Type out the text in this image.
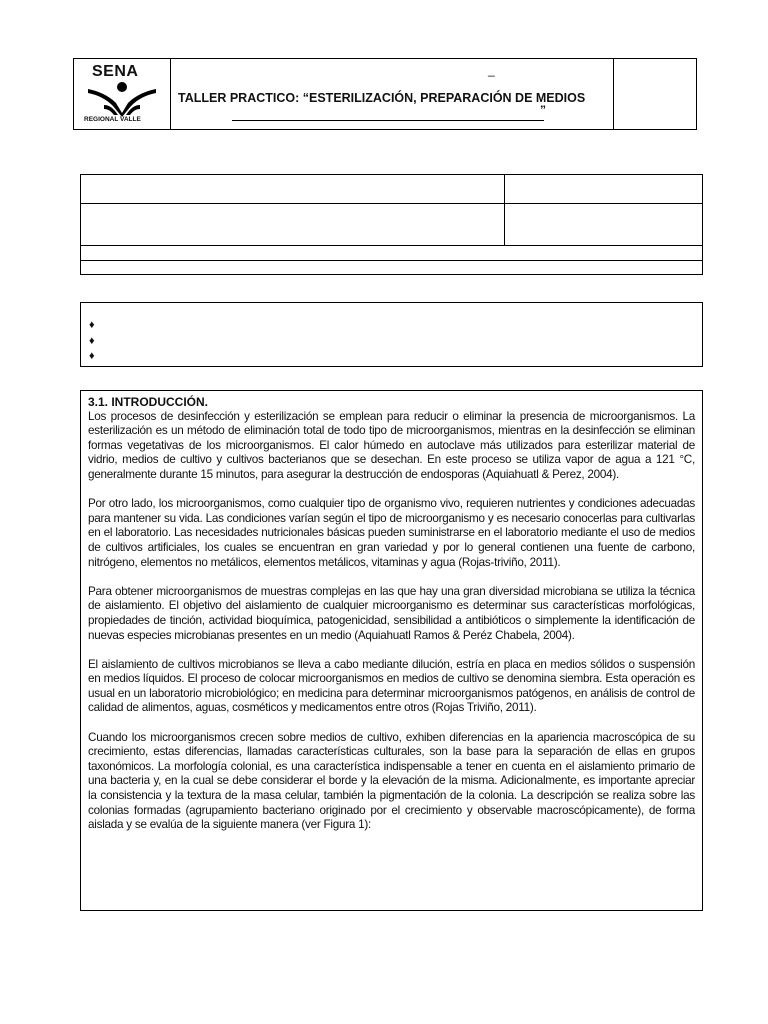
SENA
REGIONAL VALLE
_
TALLER PRACTICO: “ESTERILIZACIÓN, PREPARACIÓN DE MEDIOS
”
♦
♦
♦
3.1. INTRODUCCIÓN.

Los procesos de desinfección y esterilización se emplean para reducir o eliminar la presencia de microorganismos. La esterilización es un método de eliminación total de todo tipo de microorganismos, mientras en la desinfección se eliminan formas vegetativas de los microorganismos. El calor húmedo en autoclave más utilizados para esterilizar material de vidrio, medios de cultivo y cultivos bacterianos que se desechan. En este proceso se utiliza vapor de agua a 121 °C, generalmente durante 15 minutos, para asegurar la destrucción de endosporas (Aquiahuatl & Perez, 2004).

Por otro lado, los microorganismos, como cualquier tipo de organismo vivo, requieren nutrientes y condiciones adecuadas para mantener su vida. Las condiciones varían según el tipo de microorganismo y es necesario conocerlas para cultivarlas en el laboratorio. Las necesidades nutricionales básicas pueden suministrarse en el laboratorio mediante el uso de medios de cultivos artificiales, los cuales se encuentran en gran variedad y por lo general contienen una fuente de carbono, nitrógeno, elementos no metálicos, elementos metálicos, vitaminas y agua (Rojas-triviño, 2011).

Para obtener microorganismos de muestras complejas en las que hay una gran diversidad microbiana se utiliza la técnica de aislamiento. El objetivo del aislamiento de cualquier microorganismo es determinar sus características morfológicas, propiedades de tinción, actividad bioquímica, patogenicidad, sensibilidad a antibióticos o simplemente la identificación de nuevas especies microbianas presentes en un medio (Aquiahuatl Ramos & Peréz Chabela, 2004).

El aislamiento de cultivos microbianos se lleva a cabo mediante dilución, estría en placa en medios sólidos o suspensión en medios líquidos. El proceso de colocar microorganismos en medios de cultivo se denomina siembra. Esta operación es usual en un laboratorio microbiológico; en medicina para determinar microorganismos patógenos, en análisis de control de calidad de alimentos, aguas, cosméticos y medicamentos entre otros (Rojas Triviño, 2011).

Cuando los microorganismos crecen sobre medios de cultivo, exhiben diferencias en la apariencia macroscópica de su crecimiento, estas diferencias, llamadas características culturales, son la base para la separación de ellas en grupos taxonómicos. La morfología colonial, es una característica indispensable a tener en cuenta en el aislamiento primario de una bacteria y, en la cual se debe considerar el borde y la elevación de la misma. Adicionalmente, es importante apreciar la consistencia y la textura de la masa celular, también la pigmentación de la colonia. La descripción se realiza sobre las colonias formadas (agrupamiento bacteriano originado por el crecimiento y observable macroscópicamente), de forma aislada y se evalúa de la siguiente manera (ver Figura 1):
